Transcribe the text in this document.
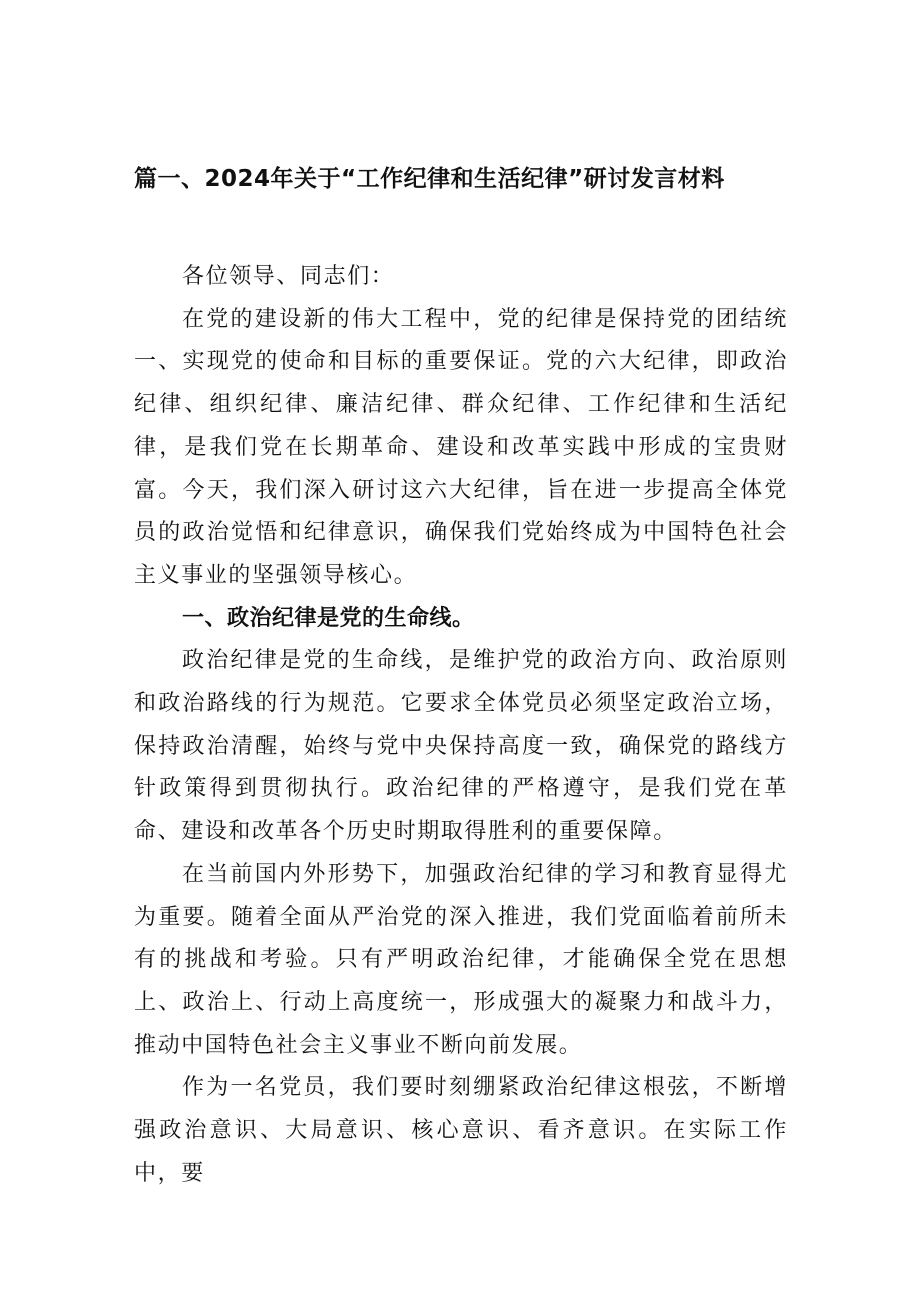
篇一、2024年关于“工作纪律和生活纪律”研讨发言材料

各位领导、同志们：

在党的建设新的伟大工程中，党的纪律是保持党的团结统一、实现党的使命和目标的重要保证。党的六大纪律，即政治纪律、组织纪律、廉洁纪律、群众纪律、工作纪律和生活纪律，是我们党在长期革命、建设和改革实践中形成的宝贵财富。今天，我们深入研讨这六大纪律，旨在进一步提高全体党员的政治觉悟和纪律意识，确保我们党始终成为中国特色社会主义事业的坚强领导核心。

一、政治纪律是党的生命线。

政治纪律是党的生命线，是维护党的政治方向、政治原则和政治路线的行为规范。它要求全体党员必须坚定政治立场，保持政治清醒，始终与党中央保持高度一致，确保党的路线方针政策得到贯彻执行。政治纪律的严格遵守，是我们党在革命、建设和改革各个历史时期取得胜利的重要保障。

在当前国内外形势下，加强政治纪律的学习和教育显得尤为重要。随着全面从严治党的深入推进，我们党面临着前所未有的挑战和考验。只有严明政治纪律，才能确保全党在思想上、政治上、行动上高度统一，形成强大的凝聚力和战斗力，推动中国特色社会主义事业不断向前发展。

作为一名党员，我们要时刻绷紧政治纪律这根弦，不断增强政治意识、大局意识、核心意识、看齐意识。在实际工作中，要
